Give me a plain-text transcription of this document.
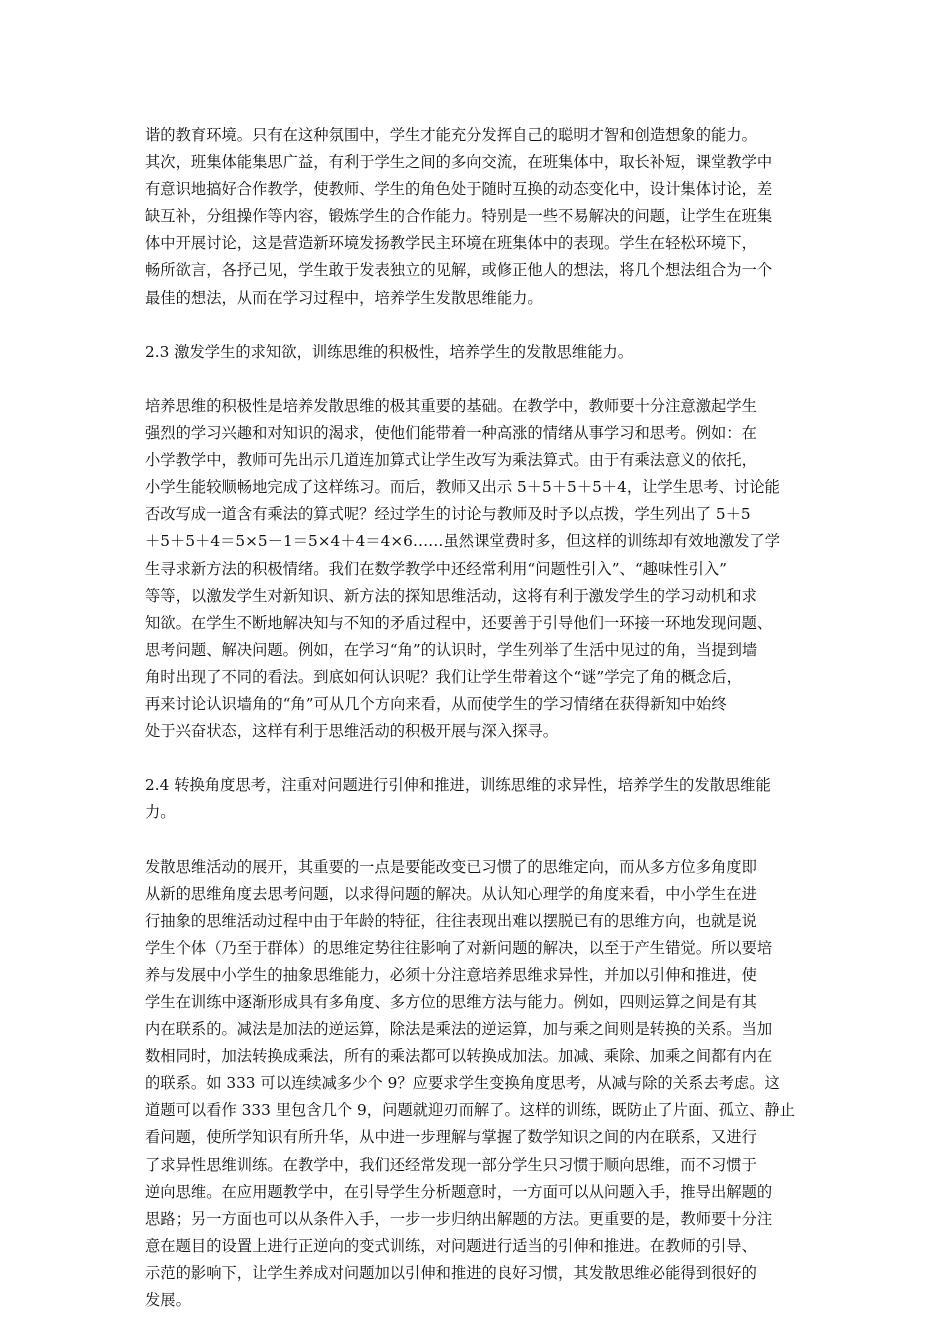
谐的教育环境。只有在这种氛围中，学生才能充分发挥自己的聪明才智和创造想象的能力。
其次，班集体能集思广益，有利于学生之间的多向交流，在班集体中，取长补短，课堂教学中
有意识地搞好合作教学，使教师、学生的角色处于随时互换的动态变化中，设计集体讨论，差
缺互补，分组操作等内容，锻炼学生的合作能力。特别是一些不易解决的问题，让学生在班集
体中开展讨论，这是营造新环境发扬教学民主环境在班集体中的表现。学生在轻松环境下，
畅所欲言，各抒己见，学生敢于发表独立的见解，或修正他人的想法，将几个想法组合为一个
最佳的想法，从而在学习过程中，培养学生发散思维能力。
2.3 激发学生的求知欲，训练思维的积极性，培养学生的发散思维能力。
培养思维的积极性是培养发散思维的极其重要的基础。在教学中，教师要十分注意激起学生
强烈的学习兴趣和对知识的渴求，使他们能带着一种高涨的情绪从事学习和思考。例如：在
小学教学中，教师可先出示几道连加算式让学生改写为乘法算式。由于有乘法意义的依托，
小学生能较顺畅地完成了这样练习。而后，教师又出示 5＋5＋5＋5＋4，让学生思考、讨论能
否改写成一道含有乘法的算式呢？经过学生的讨论与教师及时予以点拨，学生列出了 5＋5
＋5＋5＋4＝5×5－1＝5×4＋4＝4×6……虽然课堂费时多，但这样的训练却有效地激发了学
生寻求新方法的积极情绪。我们在数学教学中还经常利用“问题性引入”、“趣味性引入”
等等，以激发学生对新知识、新方法的探知思维活动，这将有利于激发学生的学习动机和求
知欲。在学生不断地解决知与不知的矛盾过程中，还要善于引导他们一环接一环地发现问题、
思考问题、解决问题。例如，在学习“角”的认识时，学生列举了生活中见过的角，当提到墙
角时出现了不同的看法。到底如何认识呢？我们让学生带着这个“谜”学完了角的概念后，
再来讨论认识墙角的“角”可从几个方向来看，从而使学生的学习情绪在获得新知中始终
处于兴奋状态，这样有利于思维活动的积极开展与深入探寻。
2.4 转换角度思考，注重对问题进行引伸和推进，训练思维的求异性，培养学生的发散思维能
力。
发散思维活动的展开，其重要的一点是要能改变已习惯了的思维定向，而从多方位多角度即
从新的思维角度去思考问题，以求得问题的解决。从认知心理学的角度来看，中小学生在进
行抽象的思维活动过程中由于年龄的特征，往往表现出难以摆脱已有的思维方向，也就是说
学生个体（乃至于群体）的思维定势往往影响了对新问题的解决，以至于产生错觉。所以要培
养与发展中小学生的抽象思维能力，必须十分注意培养思维求异性，并加以引伸和推进，使
学生在训练中逐渐形成具有多角度、多方位的思维方法与能力。例如，四则运算之间是有其
内在联系的。减法是加法的逆运算，除法是乘法的逆运算，加与乘之间则是转换的关系。当加
数相同时，加法转换成乘法，所有的乘法都可以转换成加法。加减、乘除、加乘之间都有内在
的联系。如 333 可以连续减多少个 9？应要求学生变换角度思考，从减与除的关系去考虑。这
道题可以看作 333 里包含几个 9，问题就迎刃而解了。这样的训练，既防止了片面、孤立、静止
看问题，使所学知识有所升华，从中进一步理解与掌握了数学知识之间的内在联系，又进行
了求异性思维训练。在教学中，我们还经常发现一部分学生只习惯于顺向思维，而不习惯于
逆向思维。在应用题教学中，在引导学生分析题意时，一方面可以从问题入手，推导出解题的
思路；另一方面也可以从条件入手，一步一步归纳出解题的方法。更重要的是，教师要十分注
意在题目的设置上进行正逆向的变式训练，对问题进行适当的引伸和推进。在教师的引导、
示范的影响下，让学生养成对问题加以引伸和推进的良好习惯，其发散思维必能得到很好的
发展。
